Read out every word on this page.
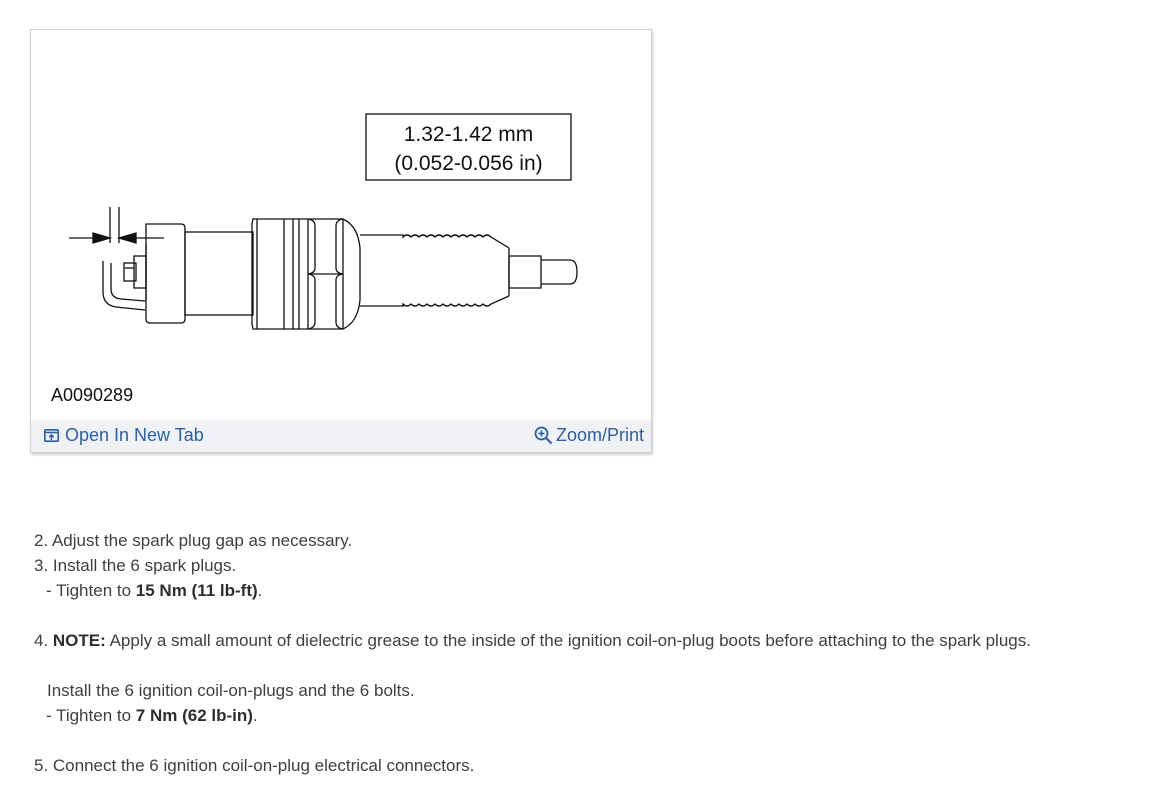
1.32-1.42 mm
(0.052-0.056 in)
A0090289
Open In New Tab	Zoom/Print

2. Adjust the spark plug gap as necessary.

3. Install the 6 spark plugs.

- Tighten to 15 Nm (11 lb-ft).

4. NOTE: Apply a small amount of dielectric grease to the inside of the ignition coil-on-plug boots before attaching to the spark plugs.

Install the 6 ignition coil-on-plugs and the 6 bolts.

- Tighten to 7 Nm (62 lb-in).

5. Connect the 6 ignition coil-on-plug electrical connectors.
